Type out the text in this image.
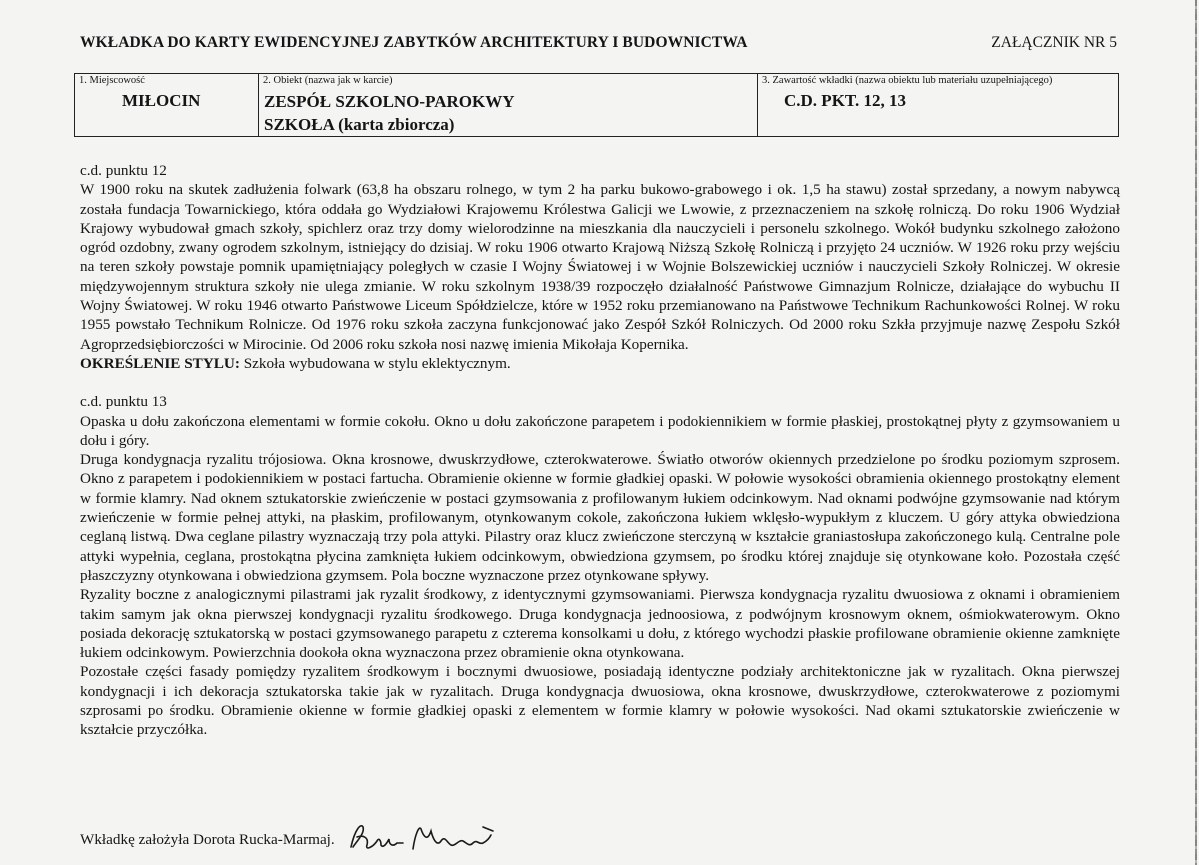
WKŁADKA DO KARTY EWIDENCYJNEJ ZABYTKÓW ARCHITEKTURY I BUDOWNICTWA	ZAŁĄCZNIK NR 5
1. Miejscowość
MIŁOCIN
2. Obiekt (nazwa jak w karcie)
ZESPÓŁ SZKOLNO-PAROKWY
SZKOŁA (karta zbiorcza)
3. Zawartość wkładki (nazwa obiektu lub materiału uzupełniającego)
C.D. PKT. 12, 13

c.d. punktu 12

W 1900 roku na skutek zadłużenia folwark (63,8 ha obszaru rolnego, w tym 2 ha parku bukowo-grabowego i ok. 1,5 ha stawu) został sprzedany, a nowym nabywcą została fundacja Towarnickiego, która oddała go Wydziałowi Krajowemu Królestwa Galicji we Lwowie, z przeznaczeniem na szkołę rolniczą. Do roku 1906 Wydział Krajowy wybudował gmach szkoły, spichlerz oraz trzy domy wielorodzinne na mieszkania dla nauczycieli i personelu szkolnego. Wokół budynku szkolnego założono ogród ozdobny, zwany ogrodem szkolnym, istniejący do dzisiaj. W roku 1906 otwarto Krajową Niższą Szkołę Rolniczą i przyjęto 24 uczniów. W 1926 roku przy wejściu na teren szkoły powstaje pomnik upamiętniający poległych w czasie I Wojny Światowej i w Wojnie Bolszewickiej uczniów i nauczycieli Szkoły Rolniczej. W okresie międzywojennym struktura szkoły nie ulega zmianie. W roku szkolnym 1938/39 rozpoczęło działalność Państwowe Gimnazjum Rolnicze, działające do wybuchu II Wojny Światowej. W roku 1946 otwarto Państwowe Liceum Spółdzielcze, które w 1952 roku przemianowano na Państwowe Technikum Rachunkowości Rolnej. W roku 1955 powstało Technikum Rolnicze. Od 1976 roku szkoła zaczyna funkcjonować jako Zespół Szkół Rolniczych. Od 2000 roku Szkła przyjmuje nazwę Zespołu Szkół Agroprzedsiębiorczości w Mirocinie. Od 2006 roku szkoła nosi nazwę imienia Mikołaja Kopernika.

OKREŚLENIE STYLU: Szkoła wybudowana w stylu eklektycznym.

c.d. punktu 13

Opaska u dołu zakończona elementami w formie cokołu. Okno u dołu zakończone parapetem i podokiennikiem w formie płaskiej, prostokątnej płyty z gzymsowaniem u dołu i góry.

Druga kondygnacja ryzalitu trójosiowa. Okna krosnowe, dwuskrzydłowe, czterokwaterowe. Światło otworów okiennych przedzielone po środku poziomym szprosem. Okno z parapetem i podokiennikiem w postaci fartucha. Obramienie okienne w formie gładkiej opaski. W połowie wysokości obramienia okiennego prostokątny element w formie klamry. Nad oknem sztukatorskie zwieńczenie w postaci gzymsowania z profilowanym łukiem odcinkowym. Nad oknami podwójne gzymsowanie nad którym zwieńczenie w formie pełnej attyki, na płaskim, profilowanym, otynkowanym cokole, zakończona łukiem wklęsło-wypukłym z kluczem. U góry attyka obwiedziona ceglaną listwą. Dwa ceglane pilastry wyznaczają trzy pola attyki. Pilastry oraz klucz zwieńczone sterczyną w kształcie graniastosłupa zakończonego kulą. Centralne pole attyki wypełnia, ceglana, prostokątna płycina zamknięta łukiem odcinkowym, obwiedziona gzymsem, po środku której znajduje się otynkowane koło. Pozostała część płaszczyzny otynkowana i obwiedziona gzymsem. Pola boczne wyznaczone przez otynkowane spływy.

Ryzality boczne z analogicznymi pilastrami jak ryzalit środkowy, z identycznymi gzymsowaniami. Pierwsza kondygnacja ryzalitu dwuosiowa z oknami i obramieniem takim samym jak okna pierwszej kondygnacji ryzalitu środkowego. Druga kondygnacja jednoosiowa, z podwójnym krosnowym oknem, ośmiokwaterowym. Okno posiada dekorację sztukatorską w postaci gzymsowanego parapetu z czterema konsolkami u dołu, z którego wychodzi płaskie profilowane obramienie okienne zamknięte łukiem odcinkowym. Powierzchnia dookoła okna wyznaczona przez obramienie okna otynkowana.

Pozostałe części fasady pomiędzy ryzalitem środkowym i bocznymi dwuosiowe, posiadają identyczne podziały architektoniczne jak w ryzalitach. Okna pierwszej kondygnacji i ich dekoracja sztukatorska takie jak w ryzalitach. Druga kondygnacja dwuosiowa, okna krosnowe, dwuskrzydłowe, czterokwaterowe z poziomymi szprosami po środku. Obramienie okienne w formie gładkiej opaski z elementem w formie klamry w połowie wysokości. Nad okami sztukatorskie zwieńczenie w kształcie przyczółka.

Wkładkę założyła Dorota Rucka-Marmaj.
